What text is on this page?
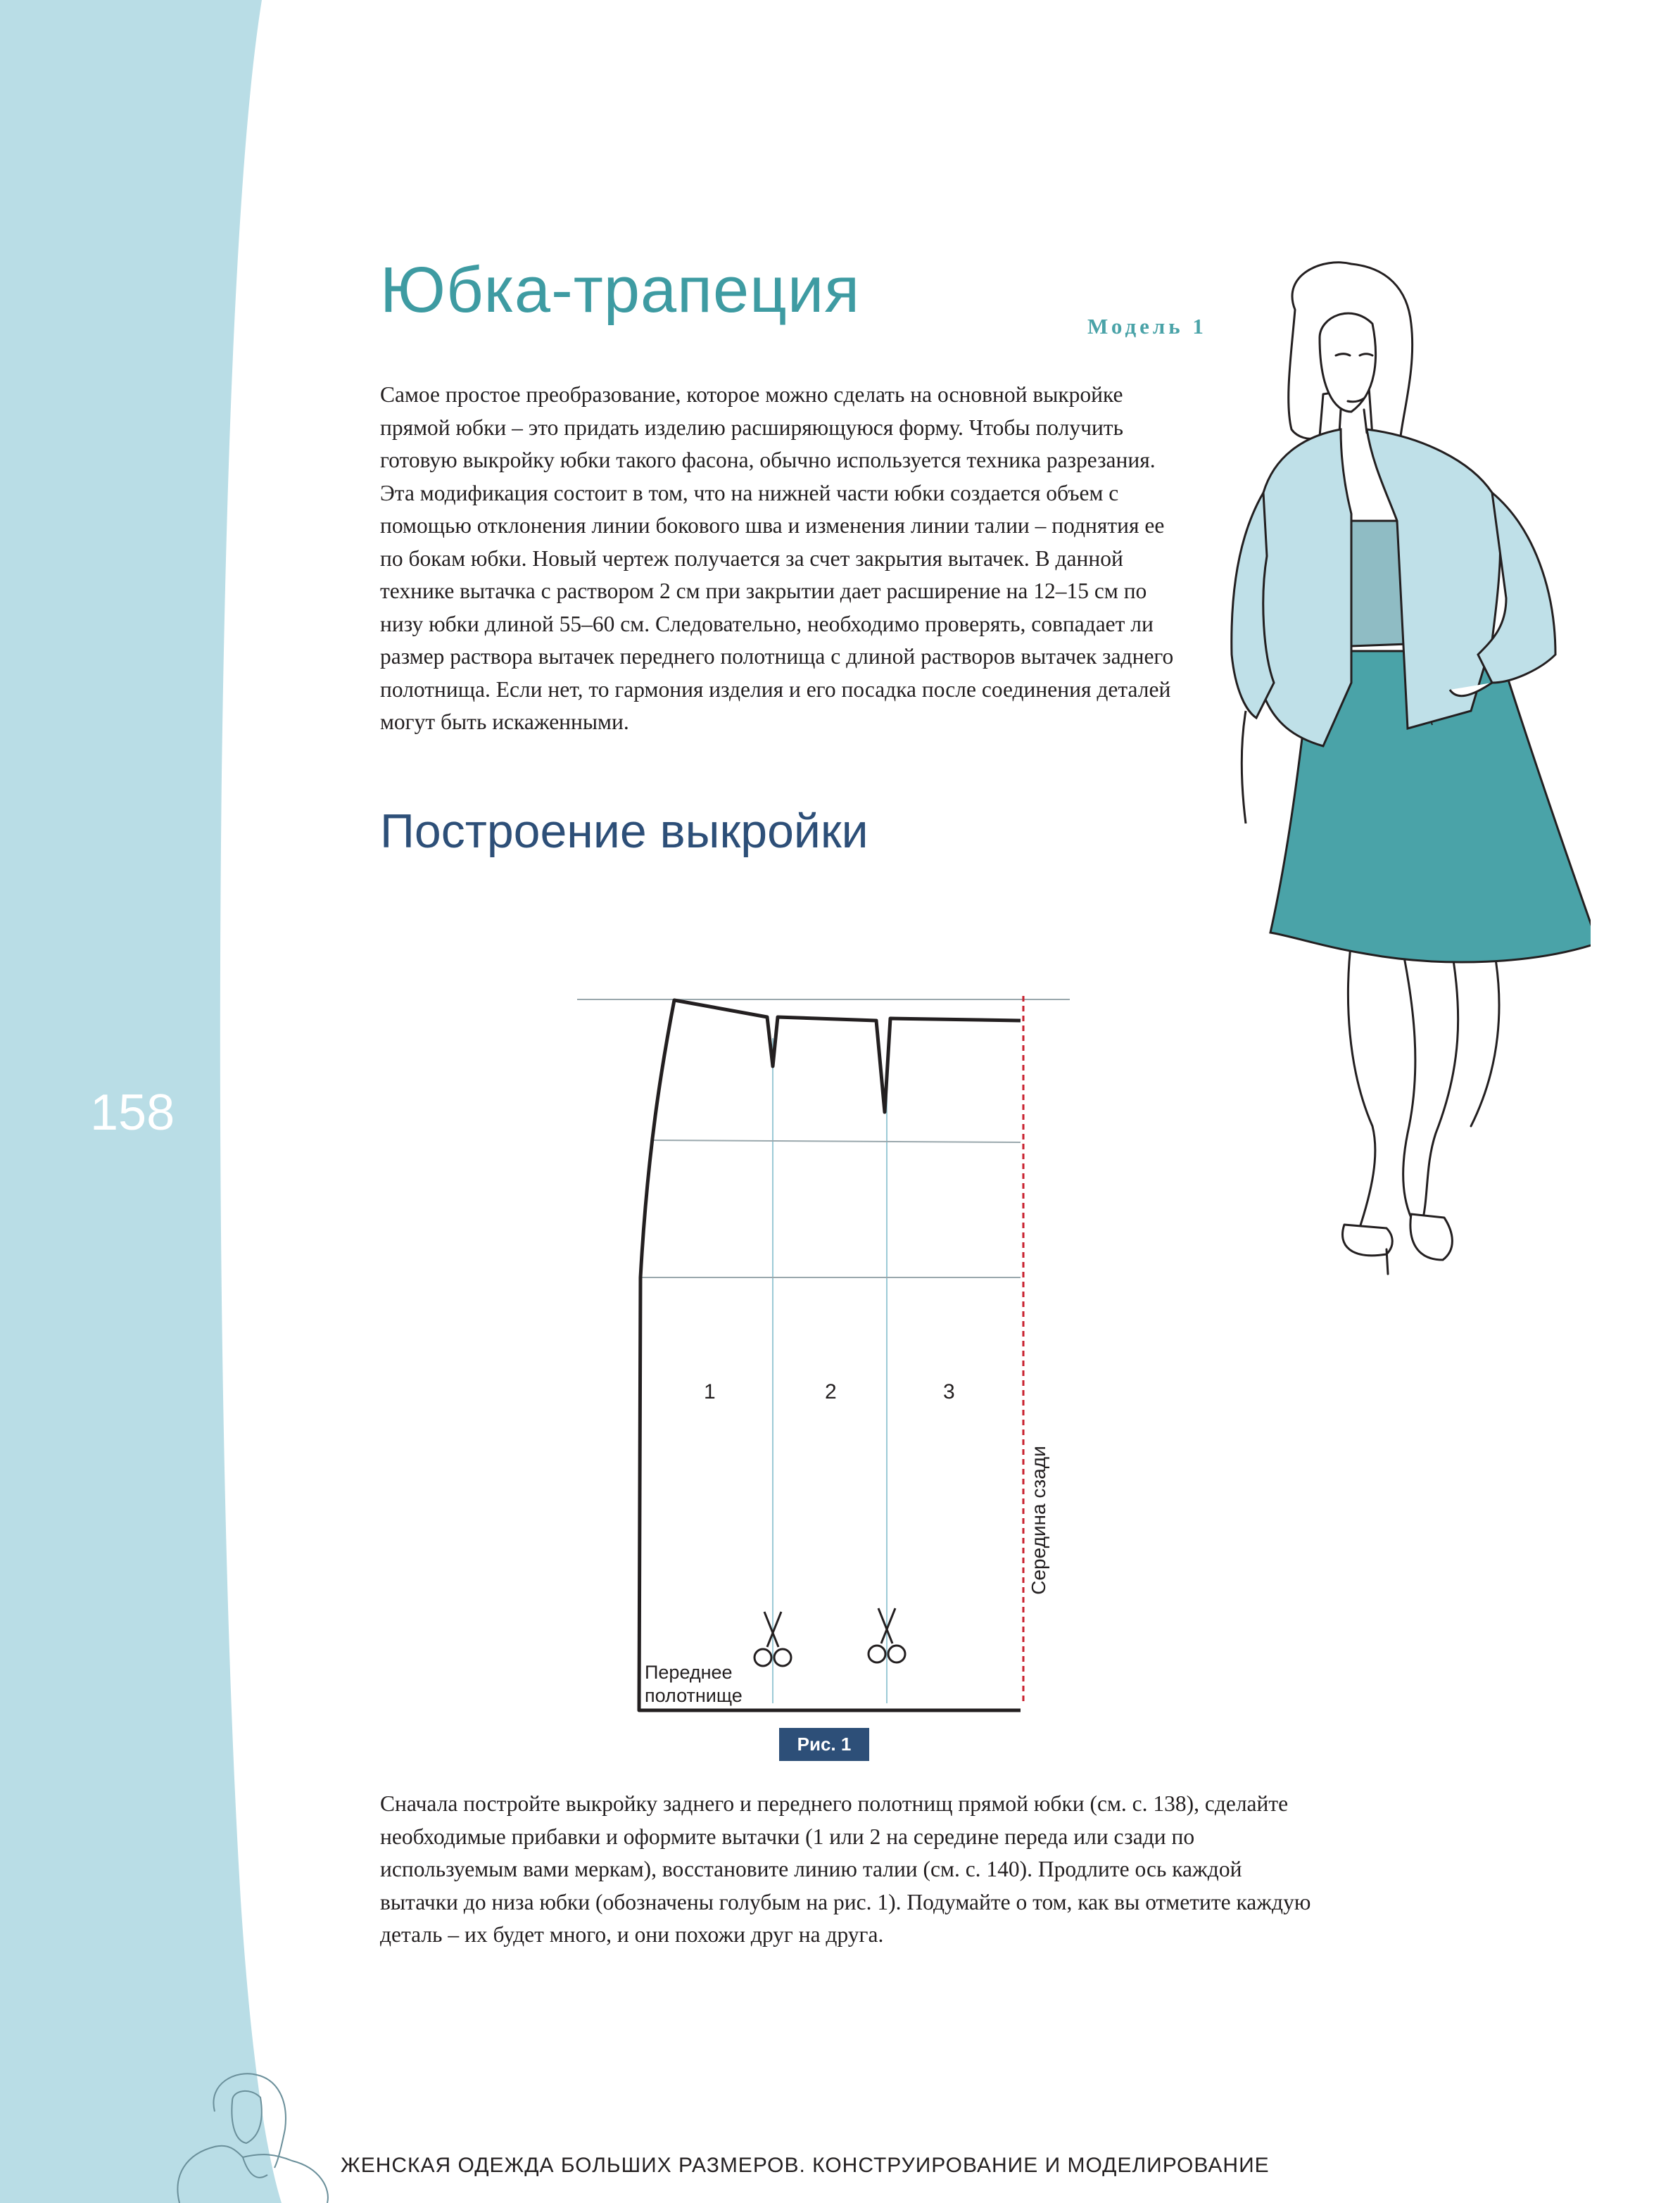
158
Юбка-трапеция
Модель 1

Самое простое преобразование, которое можно сделать на основной выкройке прямой юбки – это придать изделию расширяющуюся форму. Чтобы получить готовую выкройку юбки такого фасона, обычно используется техника разрезания. Эта модификация состоит в том, что на нижней части юбки создается объем с помощью отклонения линии бокового шва и изменения линии талии – поднятия ее по бокам юбки. Новый чертеж получается за счет закрытия вытачек. В данной технике вытачка с раствором 2 см при закрытии дает расширение на 12–15 см по низу юбки длиной 55–60 см. Следовательно, необходимо проверять, совпадает ли размер раствора вытачек переднего полотнища с длиной растворов вытачек заднего полотнища. Если нет, то гармония изделия и его посадка после соединения деталей могут быть искаженными.

Построение выкройки
1	2	3
Середина сзади
Переднее
полотнище
Рис. 1

Сначала постройте выкройку заднего и переднего полотнищ прямой юбки (см. с. 138), сделайте необходимые прибавки и оформите вытачки (1 или 2 на середине переда или сзади по используемым вами меркам), восстановите линию талии (см. с. 140). Продлите ось каждой вытачки до низа юбки (обозначены голубым на рис. 1). Подумайте о том, как вы отметите каждую деталь – их будет много, и они похожи друг на друга.

ЖЕНСКАЯ ОДЕЖДА БОЛЬШИХ РАЗМЕРОВ. КОНСТРУИРОВАНИЕ И МОДЕЛИРОВАНИЕ
